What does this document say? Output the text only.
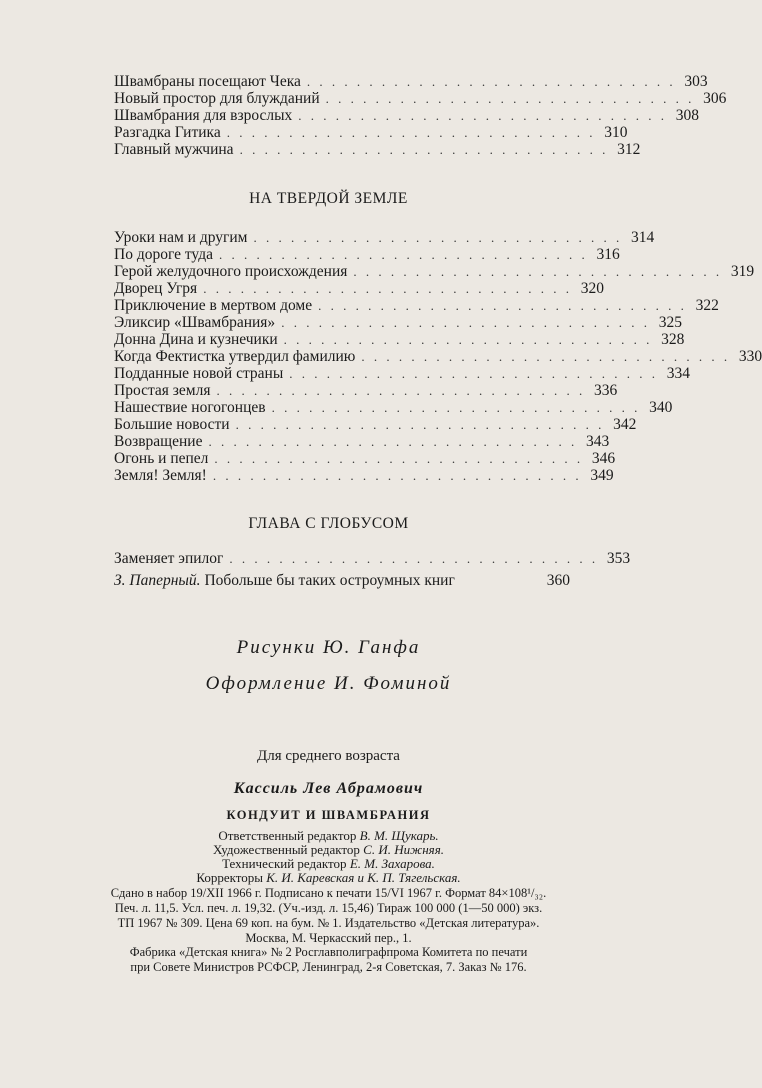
Швамбраны посещают Чека . . . . . . . . . . . . . . . . . . . . . . . . . . . . . . 303
Новый простор для блужданий . . . . . . . . . . . . . . . . . . . . . . . . . . . . . . 306
Швамбрания для взрослых . . . . . . . . . . . . . . . . . . . . . . . . . . . . . . 308
Разгадка Гитика . . . . . . . . . . . . . . . . . . . . . . . . . . . . . . 310
Главный мужчина . . . . . . . . . . . . . . . . . . . . . . . . . . . . . . 312
НА ТВЕРДОЙ ЗЕМЛЕ
Уроки нам и другим . . . . . . . . . . . . . . . . . . . . . . . . . . . . . . 314
По дороге туда . . . . . . . . . . . . . . . . . . . . . . . . . . . . . . 316
Герой желудочного происхождения . . . . . . . . . . . . . . . . . . . . . . . . . . . . . . 319
Дворец Угря . . . . . . . . . . . . . . . . . . . . . . . . . . . . . . 320
Приключение в мертвом доме . . . . . . . . . . . . . . . . . . . . . . . . . . . . . . 322
Эликсир «Швамбрания» . . . . . . . . . . . . . . . . . . . . . . . . . . . . . . 325
Донна Дина и кузнечики . . . . . . . . . . . . . . . . . . . . . . . . . . . . . . 328
Когда Фектистка утвердил фамилию . . . . . . . . . . . . . . . . . . . . . . . . . . . . . . 330
Подданные новой страны . . . . . . . . . . . . . . . . . . . . . . . . . . . . . . 334
Простая земля . . . . . . . . . . . . . . . . . . . . . . . . . . . . . . 336
Нашествие ногогонцев . . . . . . . . . . . . . . . . . . . . . . . . . . . . . . 340
Большие новости . . . . . . . . . . . . . . . . . . . . . . . . . . . . . . 342
Возвращение . . . . . . . . . . . . . . . . . . . . . . . . . . . . . . 343
Огонь и пепел . . . . . . . . . . . . . . . . . . . . . . . . . . . . . . 346
Земля! Земля! . . . . . . . . . . . . . . . . . . . . . . . . . . . . . . 349
ГЛАВА С ГЛОБУСОМ
Заменяет эпилог . . . . . . . . . . . . . . . . . . . . . . . . . . . . . . 353
З. Паперный. Побольше бы таких остроумных книг	360
Рисунки Ю. Ганфа
Оформление И. Фоминой
Для среднего возраста
Кассиль Лев Абрамович
КОНДУИТ И ШВАМБРАНИЯ
Ответственный редактор В. М. Щукарь.
Художественный редактор С. И. Нижняя.
Технический редактор Е. М. Захарова.
Корректоры К. И. Каревская и К. П. Тягельская.
Сдано в набор 19/XII 1966 г. Подписано к печати 15/VI 1967 г. Формат 84×108¹/₃₂.
Печ. л. 11,5. Усл. печ. л. 19,32. (Уч.-изд. л. 15,46) Тираж 100 000 (1—50 000) экз.
ТП 1967 № 309. Цена 69 коп. на бум. № 1. Издательство «Детская литература».
Москва, М. Черкасский пер., 1.
Фабрика «Детская книга» № 2 Росглавполиграфпрома Комитета по печати
при Совете Министров РСФСР, Ленинград, 2-я Советская, 7. Заказ № 176.
